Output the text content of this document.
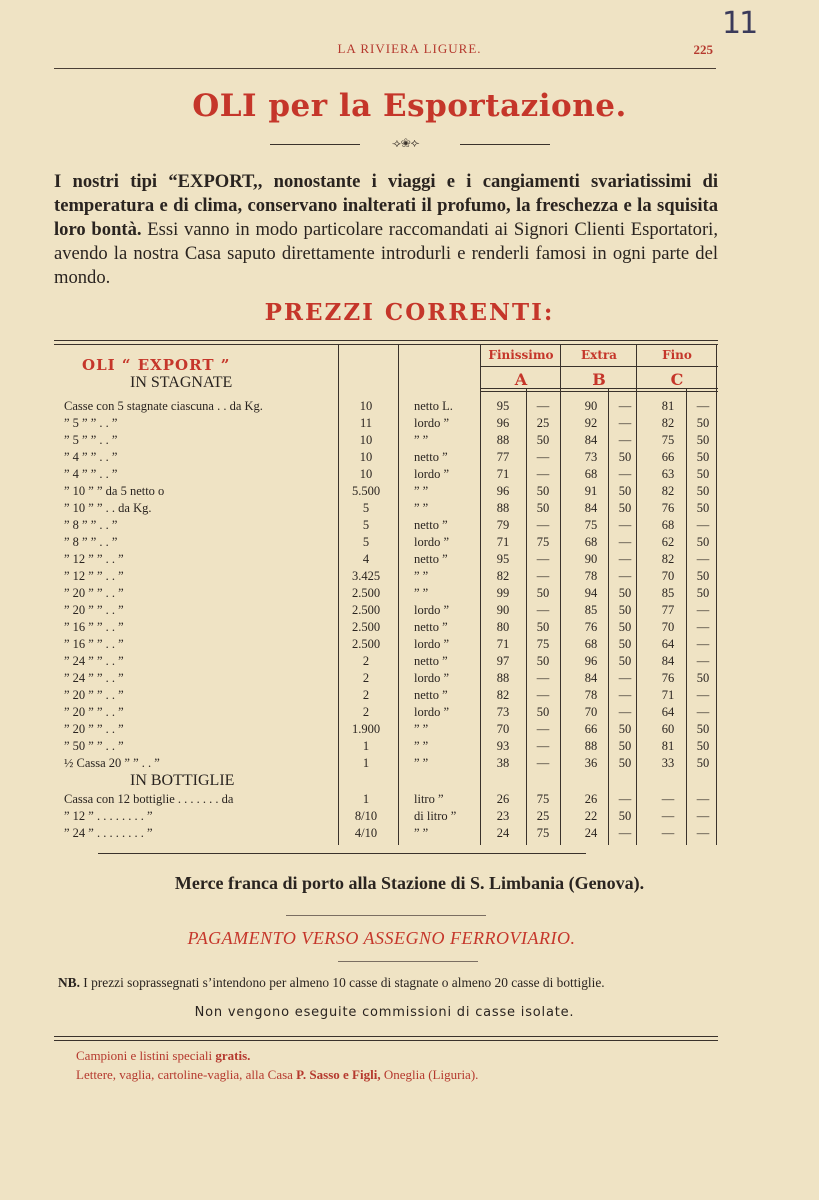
11
LA RIVIERA LIGURE.	225
OLI per la Esportazione.
⟢❀⟣
I nostri tipi “EXPORT,, nonostante i viaggi e i cangiamenti svariatissimi di temperatura e di clima, conservano inalterati il profumo, la freschezza e la squisita loro bontà. Essi vanno in modo particolare raccomandati ai Signori Clienti Esportatori, avendo la nostra Casa saputo direttamente introdurli e renderli famosi in ogni parte del mondo.
PREZZI CORRENTI:
OLI “ EXPORT ”
IN STAGNATE
Finissimo	Extra	Fino
A	B	C
Casse con 5 stagnate ciascuna . . da Kg.	10	netto L.	95	—	90	—	81	—
” 5 ” ” . . ”	11	lordo ”	96	25	92	—	82	50
” 5 ” ” . . ”	10	” ”	88	50	84	—	75	50
” 4 ” ” . . ”	10	netto ”	77	—	73	50	66	50
” 4 ” ” . . ”	10	lordo ”	71	—	68	—	63	50
” 10 ” ” da 5 netto o	5.500	” ”	96	50	91	50	82	50
” 10 ” ” . . da Kg.	5	” ”	88	50	84	50	76	50
” 8 ” ” . . ”	5	netto ”	79	—	75	—	68	—
” 8 ” ” . . ”	5	lordo ”	71	75	68	—	62	50
” 12 ” ” . . ”	4	netto ”	95	—	90	—	82	—
” 12 ” ” . . ”	3.425	” ”	82	—	78	—	70	50
” 20 ” ” . . ”	2.500	” ”	99	50	94	50	85	50
” 20 ” ” . . ”	2.500	lordo ”	90	—	85	50	77	—
” 16 ” ” . . ”	2.500	netto ”	80	50	76	50	70	—
” 16 ” ” . . ”	2.500	lordo ”	71	75	68	50	64	—
” 24 ” ” . . ”	2	netto ”	97	50	96	50	84	—
” 24 ” ” . . ”	2	lordo ”	88	—	84	—	76	50
” 20 ” ” . . ”	2	netto ”	82	—	78	—	71	—
” 20 ” ” . . ”	2	lordo ”	73	50	70	—	64	—
” 20 ” ” . . ”	1.900	” ”	70	—	66	50	60	50
” 50 ” ” . . ”	1	” ”	93	—	88	50	81	50
½ Cassa 20 ” ” . . ”	1	” ”	38	—	36	50	33	50
IN BOTTIGLIE
Cassa con 12 bottiglie . . . . . . . da	1	litro ”	26	75	26	—	—	—
” 12 ” . . . . . . . . ”	8/10	di litro ”	23	25	22	50	—	—
” 24 ” . . . . . . . . ”	4/10	” ”	24	75	24	—	—	—
Merce franca di porto alla Stazione di S. Limbania (Genova).
PAGAMENTO VERSO ASSEGNO FERROVIARIO.
NB. I prezzi soprassegnati s’intendono per almeno 10 casse di stagnate o almeno 20 casse di bottiglie.
Non vengono eseguite commissioni di casse isolate.
Campioni e listini speciali gratis.
Lettere, vaglia, cartoline-vaglia, alla Casa P. Sasso e Figli, Oneglia (Liguria).
